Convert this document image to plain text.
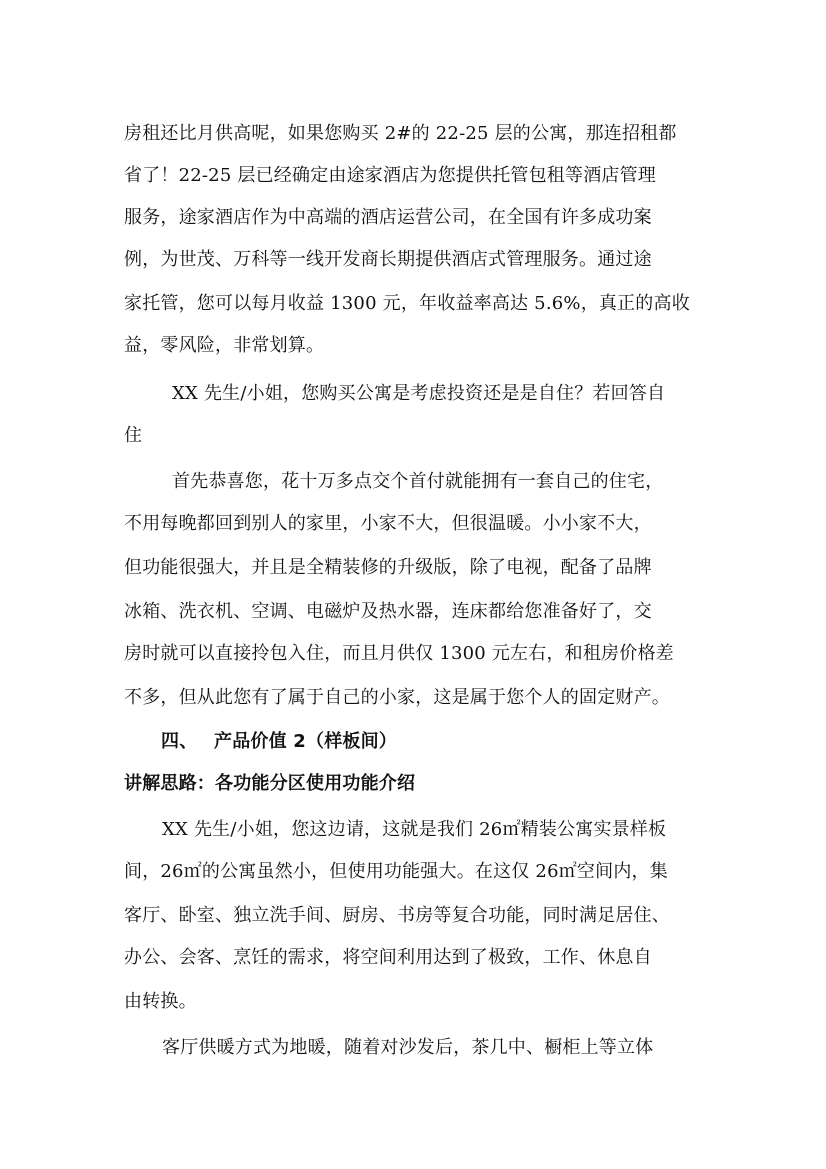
房租还比月供高呢，如果您购买 2#的 22-25 层的公寓，那连招租都
省了！22-25 层已经确定由途家酒店为您提供托管包租等酒店管理
服务，途家酒店作为中高端的酒店运营公司，在全国有许多成功案
例，为世茂、万科等一线开发商长期提供酒店式管理服务。通过途
家托管，您可以每月收益 1300 元，年收益率高达 5.6%，真正的高收
益，零风险，非常划算。
XX 先生/小姐，您购买公寓是考虑投资还是是自住？若回答自
住
首先恭喜您，花十万多点交个首付就能拥有一套自己的住宅，
不用每晚都回到别人的家里，小家不大，但很温暖。小小家不大，
但功能很强大，并且是全精装修的升级版，除了电视，配备了品牌
冰箱、洗衣机、空调、电磁炉及热水器，连床都给您准备好了，交
房时就可以直接拎包入住，而且月供仅 1300 元左右，和租房价格差
不多，但从此您有了属于自己的小家，这是属于您个人的固定财产。
四、 产品价值 2（样板间）
讲解思路：各功能分区使用功能介绍
XX 先生/小姐，您这边请，这就是我们 26㎡精装公寓实景样板
间，26㎡的公寓虽然小，但使用功能强大。在这仅 26㎡空间内，集
客厅、卧室、独立洗手间、厨房、书房等复合功能，同时满足居住、
办公、会客、烹饪的需求，将空间利用达到了极致，工作、休息自
由转换。
客厅供暖方式为地暖，随着对沙发后，茶几中、橱柜上等立体
